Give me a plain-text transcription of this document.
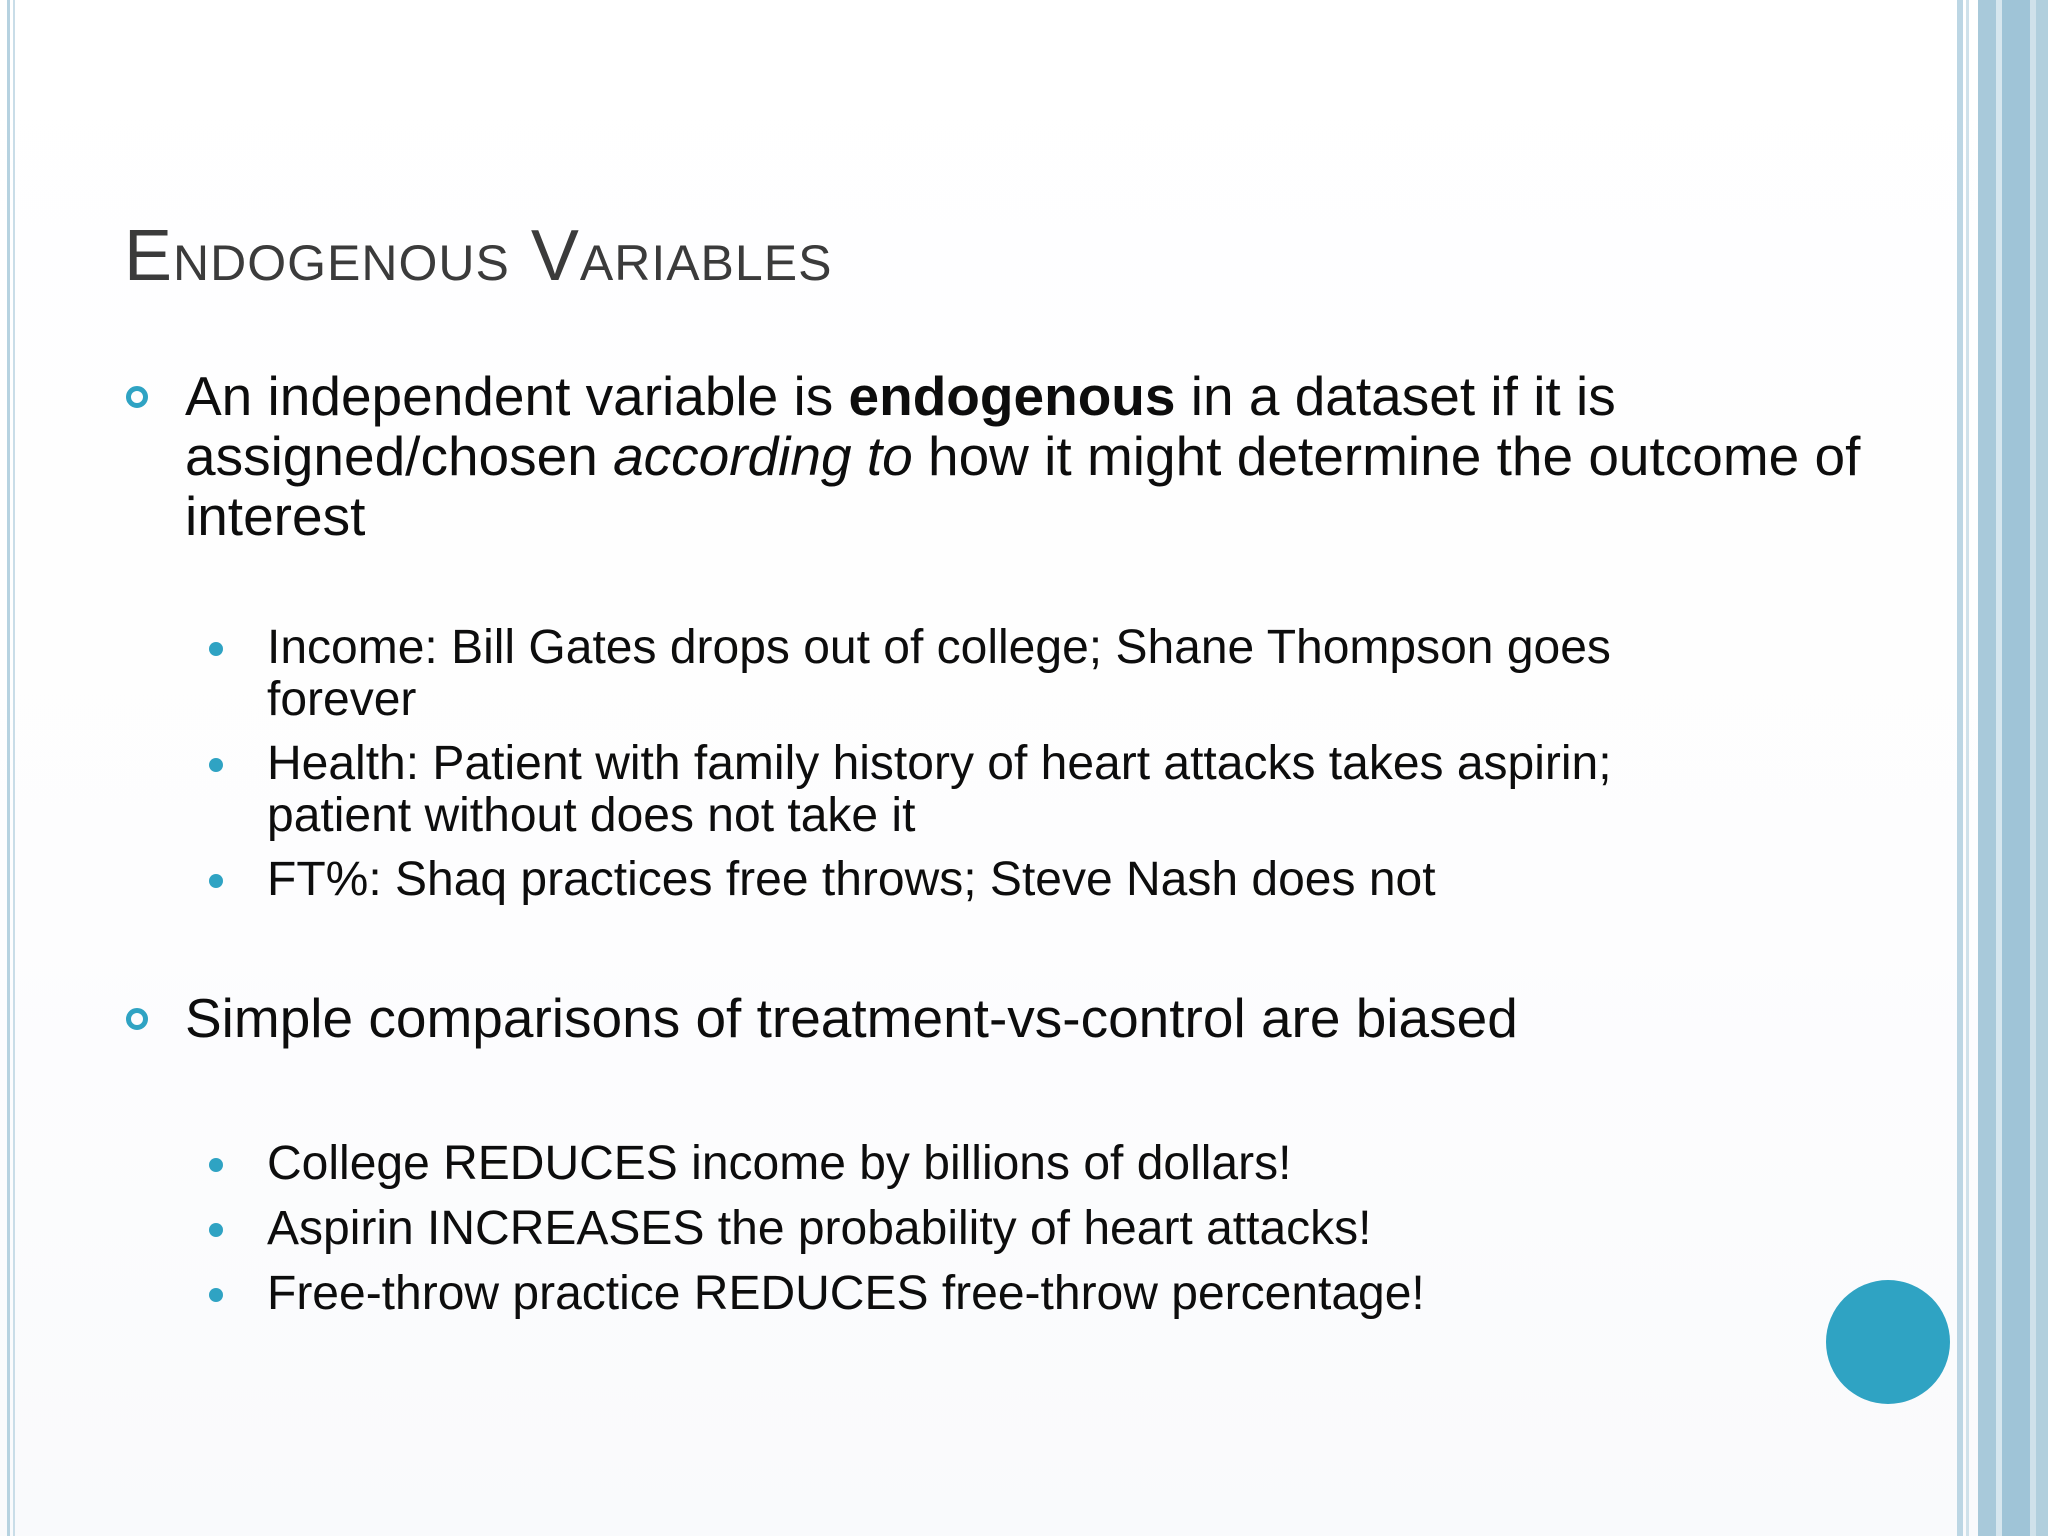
Endogenous Variables
An independent variable is endogenous in a dataset if it is assigned/chosen according to how it might determine the outcome of interest
Income: Bill Gates drops out of college; Shane Thompson goes forever
Health: Patient with family history of heart attacks takes aspirin; patient without does not take it
FT%: Shaq practices free throws; Steve Nash does not
Simple comparisons of treatment-vs-control are biased
College REDUCES income by billions of dollars!
Aspirin INCREASES the probability of heart attacks!
Free-throw practice REDUCES free-throw percentage!
